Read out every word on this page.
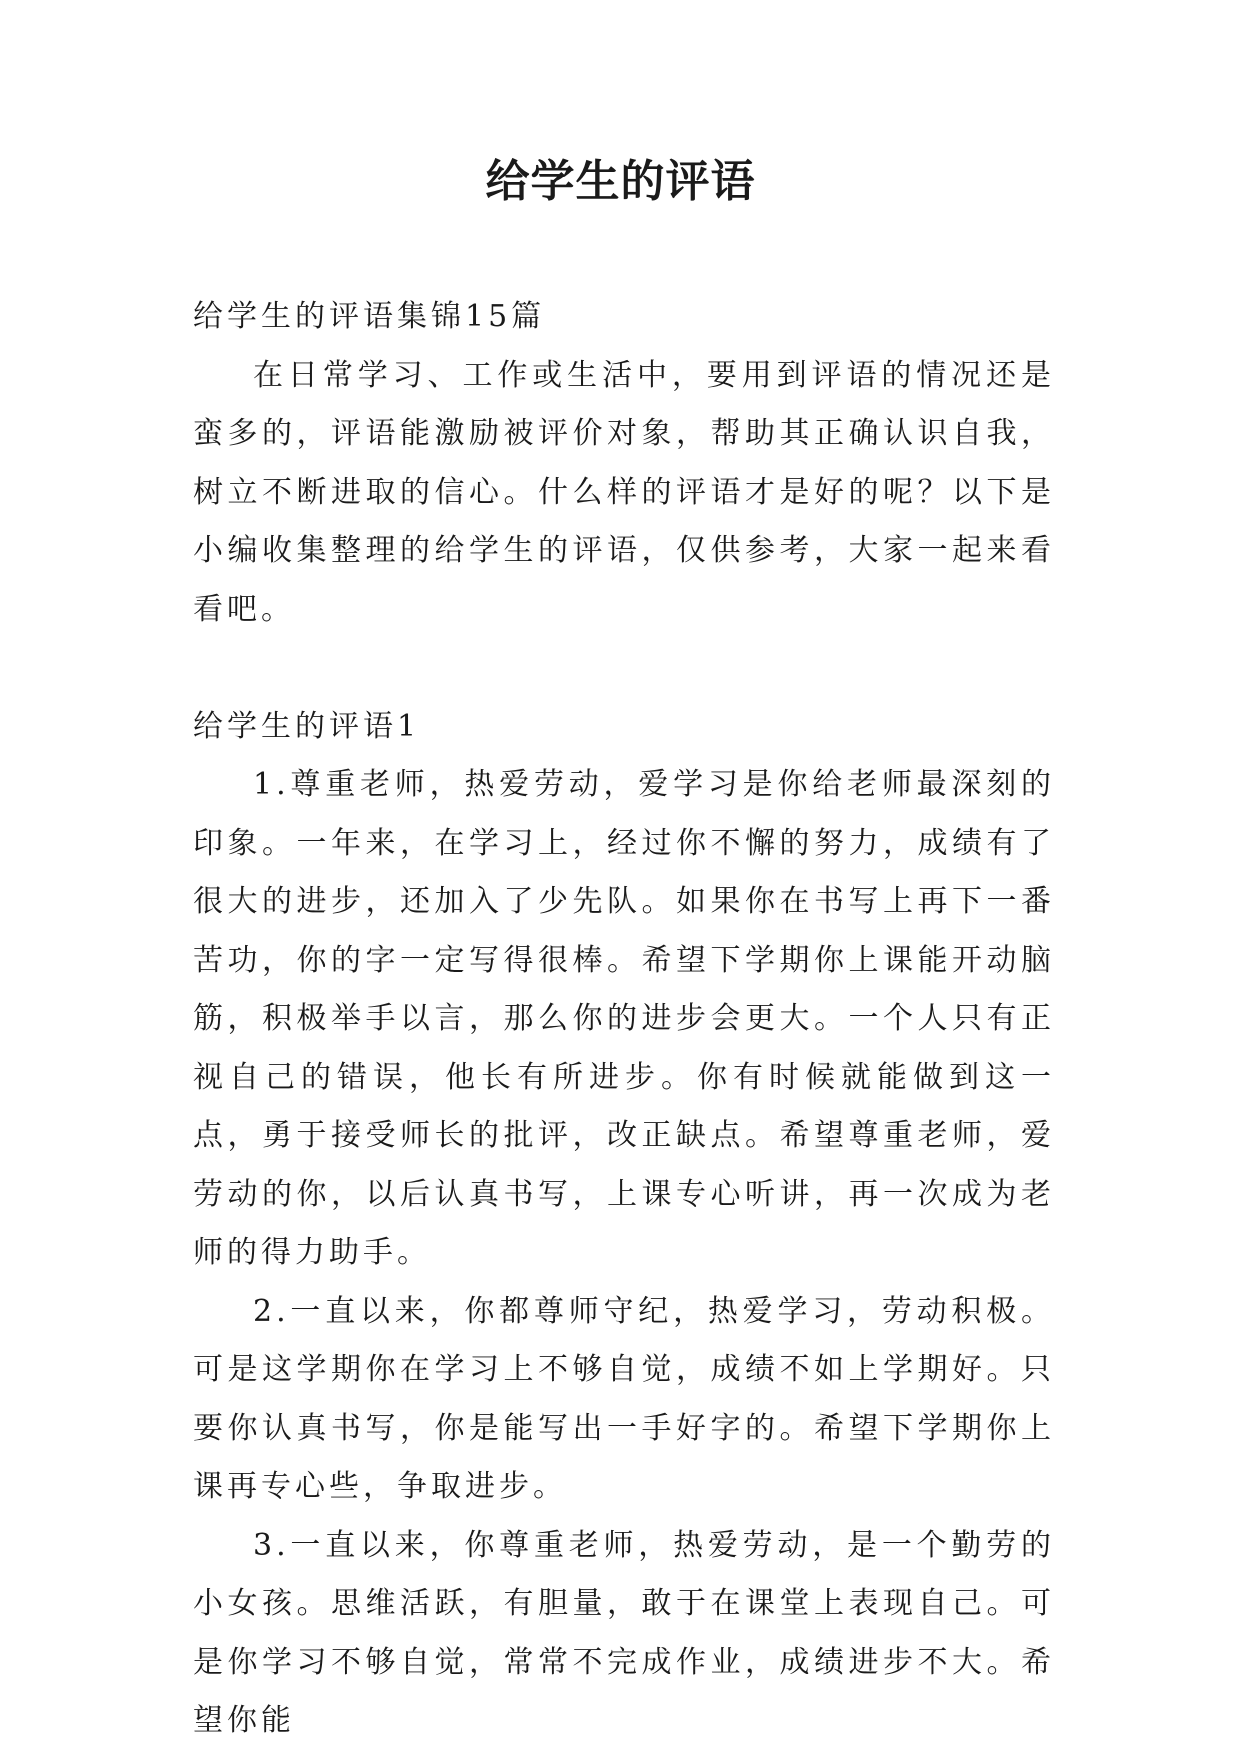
给学生的评语

给学生的评语集锦15篇

在日常学习、工作或生活中，要用到评语的情况还是蛮多的，评语能激励被评价对象，帮助其正确认识自我，树立不断进取的信心。什么样的评语才是好的呢？以下是小编收集整理的给学生的评语，仅供参考，大家一起来看看吧。

给学生的评语1

1.尊重老师，热爱劳动，爱学习是你给老师最深刻的印象。一年来，在学习上，经过你不懈的努力，成绩有了很大的进步，还加入了少先队。如果你在书写上再下一番苦功，你的字一定写得很棒。希望下学期你上课能开动脑筋，积极举手以言，那么你的进步会更大。一个人只有正视自己的错误，他长有所进步。你有时候就能做到这一点，勇于接受师长的批评，改正缺点。希望尊重老师，爱劳动的你，以后认真书写，上课专心听讲，再一次成为老师的得力助手。

2.一直以来，你都尊师守纪，热爱学习，劳动积极。可是这学期你在学习上不够自觉，成绩不如上学期好。只要你认真书写，你是能写出一手好字的。希望下学期你上课再专心些，争取进步。

3.一直以来，你尊重老师，热爱劳动，是一个勤劳的小女孩。思维活跃，有胆量，敢于在课堂上表现自己。可是你学习不够自觉，常常不完成作业，成绩进步不大。希望你能
